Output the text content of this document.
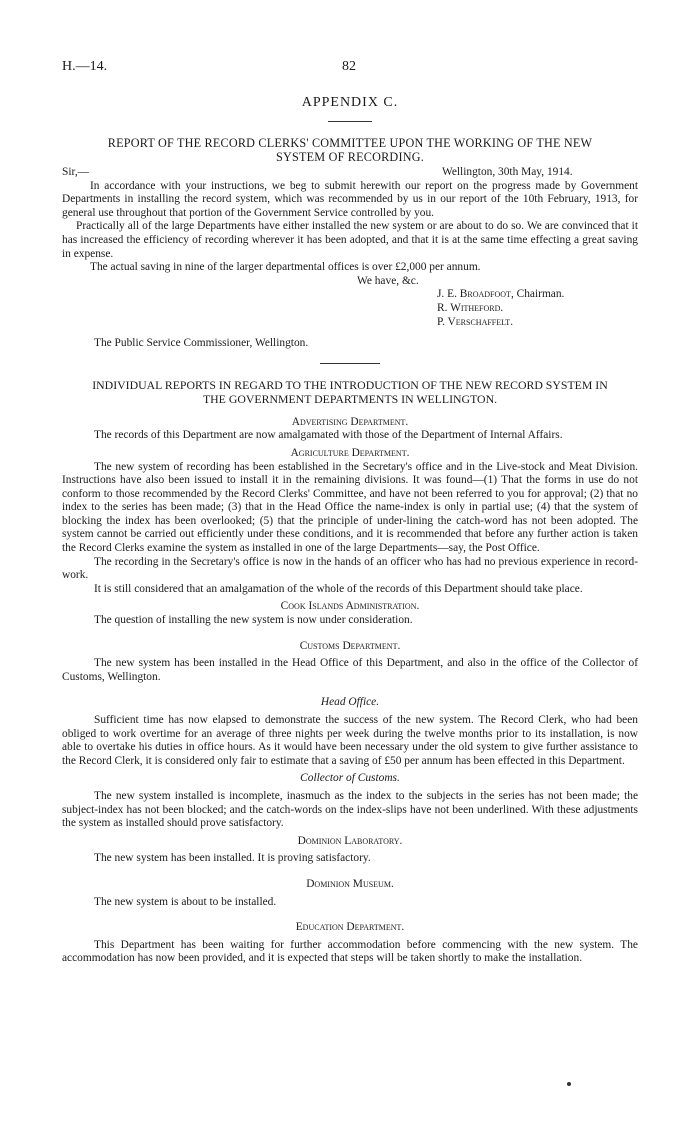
H.—14.	82
APPENDIX C.
REPORT OF THE RECORD CLERKS' COMMITTEE UPON THE WORKING OF THE NEW
SYSTEM OF RECORDING.
Sir,—	Wellington, 30th May, 1914.

In accordance with your instructions, we beg to submit herewith our report on the progress made by Government Departments in installing the record system, which was recommended by us in our report of the 10th February, 1913, for general use throughout that portion of the Government Service controlled by you.

Practically all of the large Departments have either installed the new system or are about to do so. We are convinced that it has increased the efficiency of recording wherever it has been adopted, and that it is at the same time effecting a great saving in expense.

The actual saving in nine of the larger departmental offices is over £2,000 per annum.

We have, &c.
J. E. Broadfoot, Chairman.
R. Witheford.
P. Verschaffelt.
The Public Service Commissioner, Wellington.
INDIVIDUAL REPORTS IN REGARD TO THE INTRODUCTION OF THE NEW RECORD SYSTEM IN
THE GOVERNMENT DEPARTMENTS IN WELLINGTON.
Advertising Department.

The records of this Department are now amalgamated with those of the Department of Internal Affairs.

Agriculture Department.

The new system of recording has been established in the Secretary's office and in the Live-stock and Meat Division. Instructions have also been issued to install it in the remaining divisions. It was found—(1) That the forms in use do not conform to those recommended by the Record Clerks' Committee, and have not been referred to you for approval; (2) that no index to the series has been made; (3) that in the Head Office the name-index is only in partial use; (4) that the system of blocking the index has been overlooked; (5) that the principle of under-lining the catch-word has not been adopted. The system cannot be carried out efficiently under these conditions, and it is recommended that before any further action is taken the Record Clerks examine the system as installed in one of the large Departments—say, the Post Office.

The recording in the Secretary's office is now in the hands of an officer who has had no previous experience in record-work.

It is still considered that an amalgamation of the whole of the records of this Department should take place.

Cook Islands Administration.

The question of installing the new system is now under consideration.

Customs Department.

The new system has been installed in the Head Office of this Department, and also in the office of the Collector of Customs, Wellington.

Head Office.

Sufficient time has now elapsed to demonstrate the success of the new system. The Record Clerk, who had been obliged to work overtime for an average of three nights per week during the twelve months prior to its installation, is now able to overtake his duties in office hours. As it would have been necessary under the old system to give further assistance to the Record Clerk, it is considered only fair to estimate that a saving of £50 per annum has been effected in this Department.

Collector of Customs.

The new system installed is incomplete, inasmuch as the index to the subjects in the series has not been made; the subject-index has not been blocked; and the catch-words on the index-slips have not been underlined. With these adjustments the system as installed should prove satisfactory.

Dominion Laboratory.

The new system has been installed. It is proving satisfactory.

Dominion Museum.

The new system is about to be installed.

Education Department.

This Department has been waiting for further accommodation before commencing with the new system. The accommodation has now been provided, and it is expected that steps will be taken shortly to make the installation.
